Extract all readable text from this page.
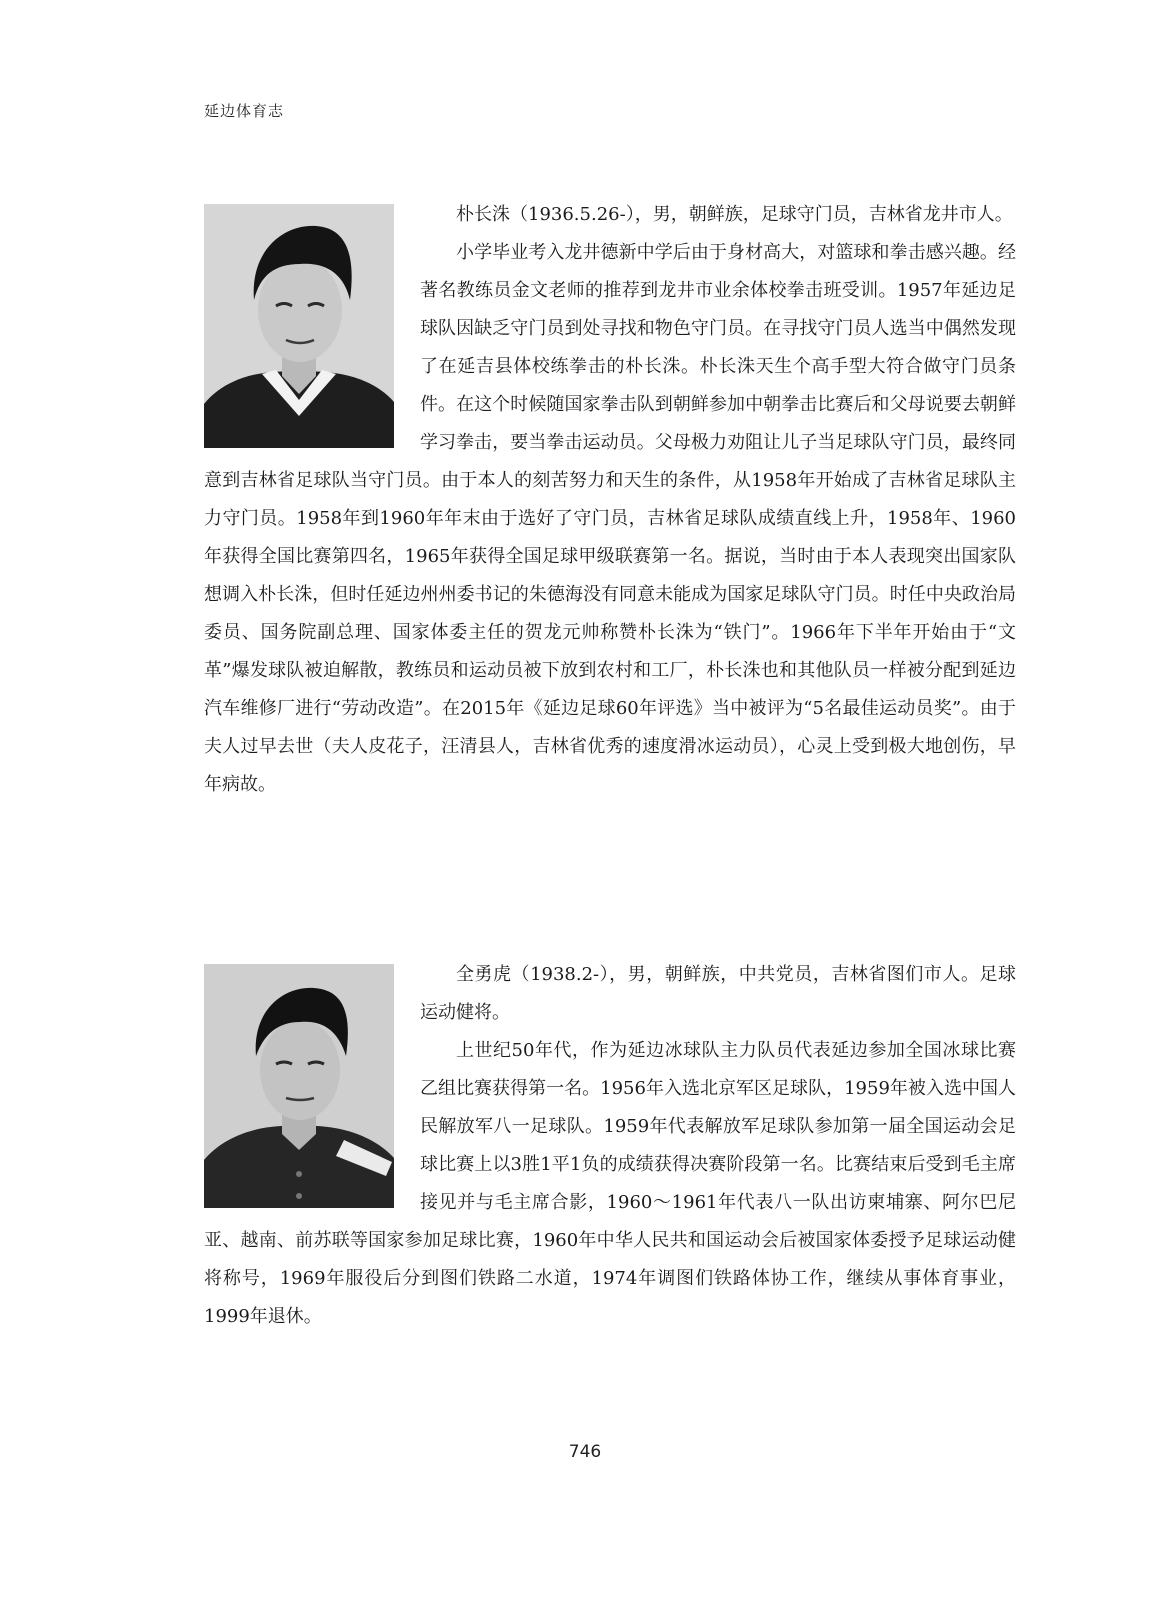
延边体育志

朴长洙（1936.5.26-），男，朝鲜族，足球守门员，吉林省龙井市人。

小学毕业考入龙井德新中学后由于身材高大，对篮球和拳击感兴趣。经著名教练员金文老师的推荐到龙井市业余体校拳击班受训。1957年延边足球队因缺乏守门员到处寻找和物色守门员。在寻找守门员人选当中偶然发现了在延吉县体校练拳击的朴长洙。朴长洙天生个高手型大符合做守门员条件。在这个时候随国家拳击队到朝鲜参加中朝拳击比赛后和父母说要去朝鲜学习拳击，要当拳击运动员。父母极力劝阻让儿子当足球队守门员，最终同意到吉林省足球队当守门员。由于本人的刻苦努力和天生的条件，从1958年开始成了吉林省足球队主力守门员。1958年到1960年年末由于选好了守门员，吉林省足球队成绩直线上升，1958年、1960年获得全国比赛第四名，1965年获得全国足球甲级联赛第一名。据说，当时由于本人表现突出国家队想调入朴长洙，但时任延边州州委书记的朱德海没有同意未能成为国家足球队守门员。时任中央政治局委员、国务院副总理、国家体委主任的贺龙元帅称赞朴长洙为“铁门”。1966年下半年开始由于“文革”爆发球队被迫解散，教练员和运动员被下放到农村和工厂，朴长洙也和其他队员一样被分配到延边汽车维修厂进行“劳动改造”。在2015年《延边足球60年评选》当中被评为“5名最佳运动员奖”。由于夫人过早去世（夫人皮花子，汪清县人，吉林省优秀的速度滑冰运动员），心灵上受到极大地创伤，早年病故。

全勇虎（1938.2-），男，朝鲜族，中共党员，吉林省图们市人。足球运动健将。

上世纪50年代，作为延边冰球队主力队员代表延边参加全国冰球比赛乙组比赛获得第一名。1956年入选北京军区足球队，1959年被入选中国人民解放军八一足球队。1959年代表解放军足球队参加第一届全国运动会足球比赛上以3胜1平1负的成绩获得决赛阶段第一名。比赛结束后受到毛主席接见并与毛主席合影，1960～1961年代表八一队出访柬埔寨、阿尔巴尼亚、越南、前苏联等国家参加足球比赛，1960年中华人民共和国运动会后被国家体委授予足球运动健将称号，1969年服役后分到图们铁路二水道，1974年调图们铁路体协工作，继续从事体育事业，1999年退休。

746
